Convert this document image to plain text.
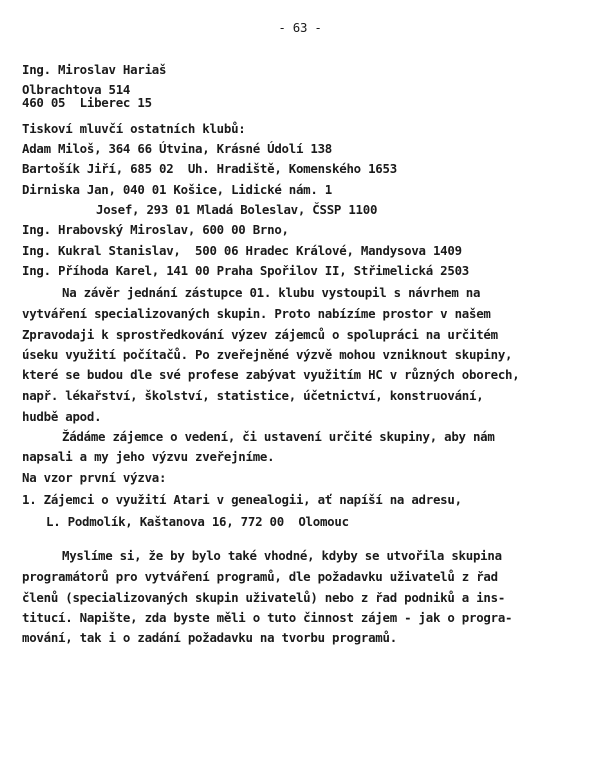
- 63 -
Ing. Miroslav Hariaš
Olbrachtova 514
460 05  Liberec 15
Tiskoví mluvčí ostatních klubů:
Adam Miloš, 364 66 Útvina, Krásné Údolí 138
Bartošík Jiří, 685 02  Uh. Hradiště, Komenského 1653
Dirniska Jan, 040 01 Košice, Lidické nám. 1
Josef, 293 01 Mladá Boleslav, ČSSP 1100
Ing. Hrabovský Miroslav, 600 00 Brno,
Ing. Kukral Stanislav,  500 06 Hradec Králové, Mandysova 1409
Ing. Příhoda Karel, 141 00 Praha Spořilov II, Střimelická 2503
Na závěr jednání zástupce 01. klubu vystoupil s návrhem na
vytváření specializovaných skupin. Proto nabízíme prostor v našem
Zpravodaji k sprostředkování výzev zájemců o spolupráci na určitém
úseku využití počítačů. Po zveřejněné výzvě mohou vzniknout skupiny,
které se budou dle své profese zabývat využitím HC v různých oborech,
např. lékařství, školství, statistice, účetnictví, konstruování,
hudbě apod.
Žádáme zájemce o vedení, či ustavení určité skupiny, aby nám
napsali a my jeho výzvu zveřejníme.
Na vzor první výzva:
1. Zájemci o využití Atari v genealogii, ať napíší na adresu,
L. Podmolík, Kaštanova 16, 772 00  Olomouc
Myslíme si, že by bylo také vhodné, kdyby se utvořila skupina
programátorů pro vytváření programů, dle požadavku uživatelů z řad
členů (specializovaných skupin uživatelů) nebo z řad podniků a ins-
titucí. Napište, zda byste měli o tuto činnost zájem - jak o progra-
mování, tak i o zadání požadavku na tvorbu programů.
